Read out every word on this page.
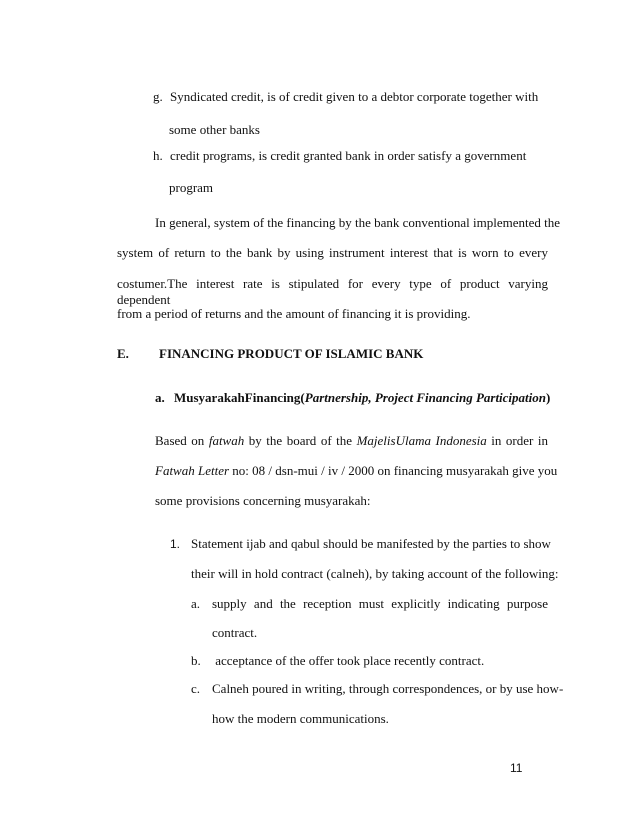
g. Syndicated credit, is of credit given to a debtor corporate together with
some other banks
h. credit programs, is credit granted bank in order satisfy a government
program
In general, system of the financing by the bank conventional implemented the
system of return to the bank by using instrument interest that is worn to every
costumer.The interest rate is stipulated for every type of product varying dependent
from a period of returns and the amount of financing it is providing.
E. FINANCING PRODUCT OF ISLAMIC BANK
a. MusyarakahFinancing(Partnership, Project Financing Participation)
Based on fatwah by the board of the MajelisUlama Indonesia in order in
Fatwah Letter no: 08 / dsn-mui / iv / 2000 on financing musyarakah give you
some provisions concerning musyarakah:
1. Statement ijab and qabul should be manifested by the parties to show
their will in hold contract (calneh), by taking account of the following:
a. supply and the reception must explicitly indicating purpose
contract.
b. acceptance of the offer took place recently contract.
c. Calneh poured in writing, through correspondences, or by use how-
how the modern communications.
11
